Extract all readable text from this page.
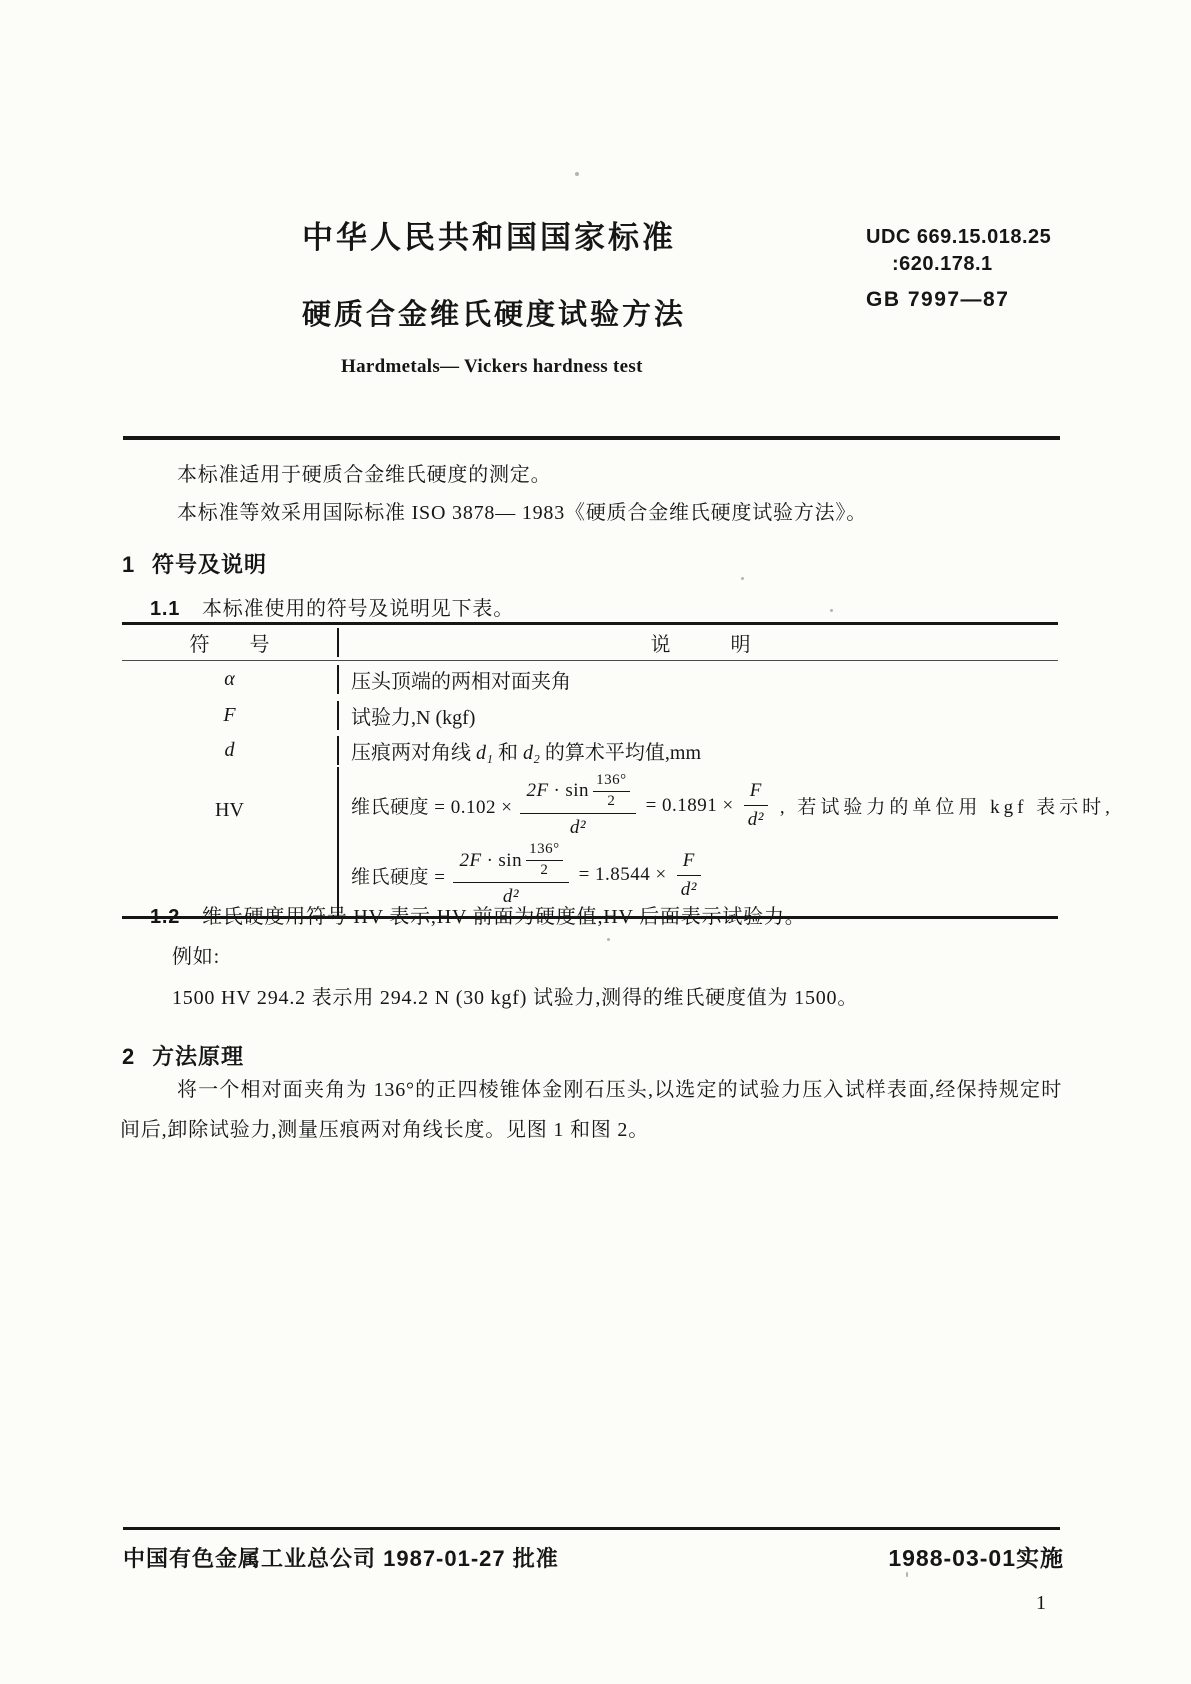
中华人民共和国国家标准	UDC 669.15.018.25
:620.178.1
GB 7997—87
硬质合金维氏硬度试验方法
Hardmetals— Vickers hardness test
本标准适用于硬质合金维氏硬度的测定。
本标准等效采用国际标准 ISO 3878— 1983《硬质合金维氏硬度试验方法》。
1 符号及说明
1.1 本标准使用的符号及说明见下表。
符　　号	说　　　明
α	压头顶端的两相对面夹角
F	试验力,N (kgf)
d	压痕两对角线 d₁ 和 d₂ 的算术平均值,mm
HV	维氏硬度 = 0.102 × 2F · sin
136°
2
$d^2 = 0.1891 \times \frac{F}{\text{d²}}$ , 若试验力的单位用 kgf 表示时,
维氏硬度 = 2F · sin
136°
2
$d^2 = 1.8544 \times \frac{F}{\text{d²}}$
1.2 维氏硬度用符号 HV 表示,HV 前面为硬度值,HV 后面表示试验力。
例如:
1500 HV 294.2 表示用 294.2 N (30 kgf) 试验力,测得的维氏硬度值为 1500。
2 方法原理
将一个相对面夹角为 136°的正四棱锥体金刚石压头,以选定的试验力压入试样表面,经保持规定时间后,卸除试验力,测量压痕两对角线长度。见图 1 和图 2。
中国有色金属工业总公司 1987-01-27 批准	1988-03-01实施
1
